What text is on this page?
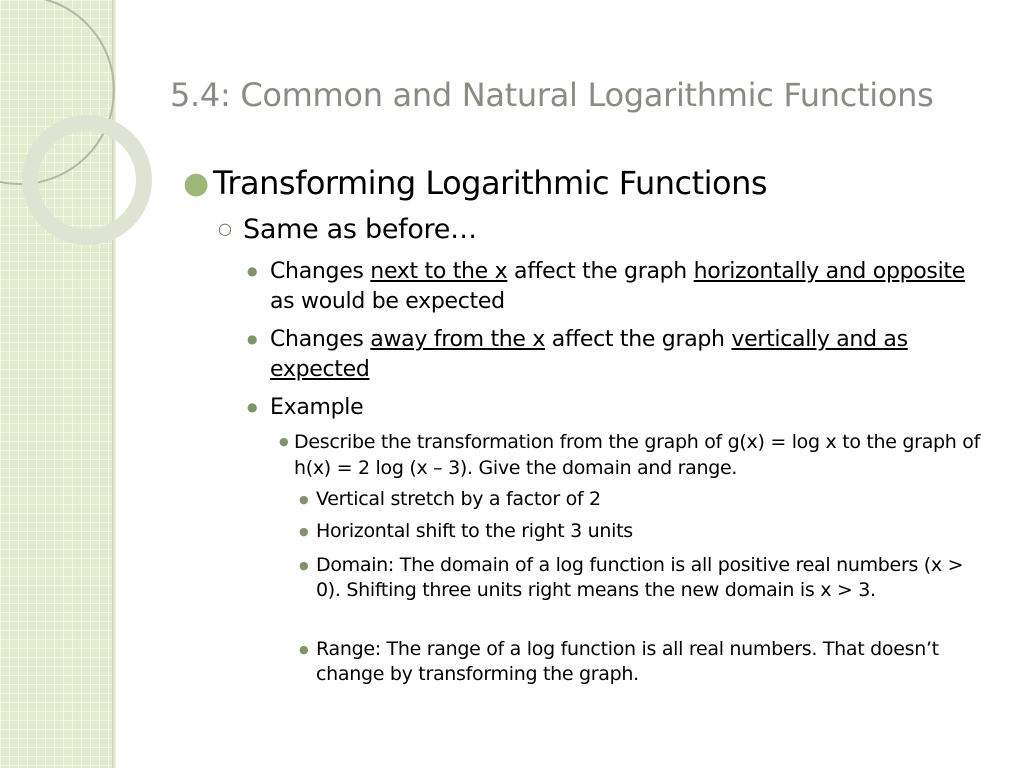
5.4: Common and Natural Logarithmic Functions
● Transforming Logarithmic Functions

○ Same as before…

● Changes next to the x affect the graph horizontally and opposite as would be expected

● Changes away from the x affect the graph vertically and as expected

● Example

● Describe the transformation from the graph of g(x) = log x to the graph of h(x) = 2 log (x – 3). Give the domain and range.

● Vertical stretch by a factor of 2

● Horizontal shift to the right 3 units

● Domain: The domain of a log function is all positive real numbers (x > 0). Shifting three units right means the new domain is x > 3.

● Range: The range of a log function is all real numbers. That doesn’t change by transforming the graph.
